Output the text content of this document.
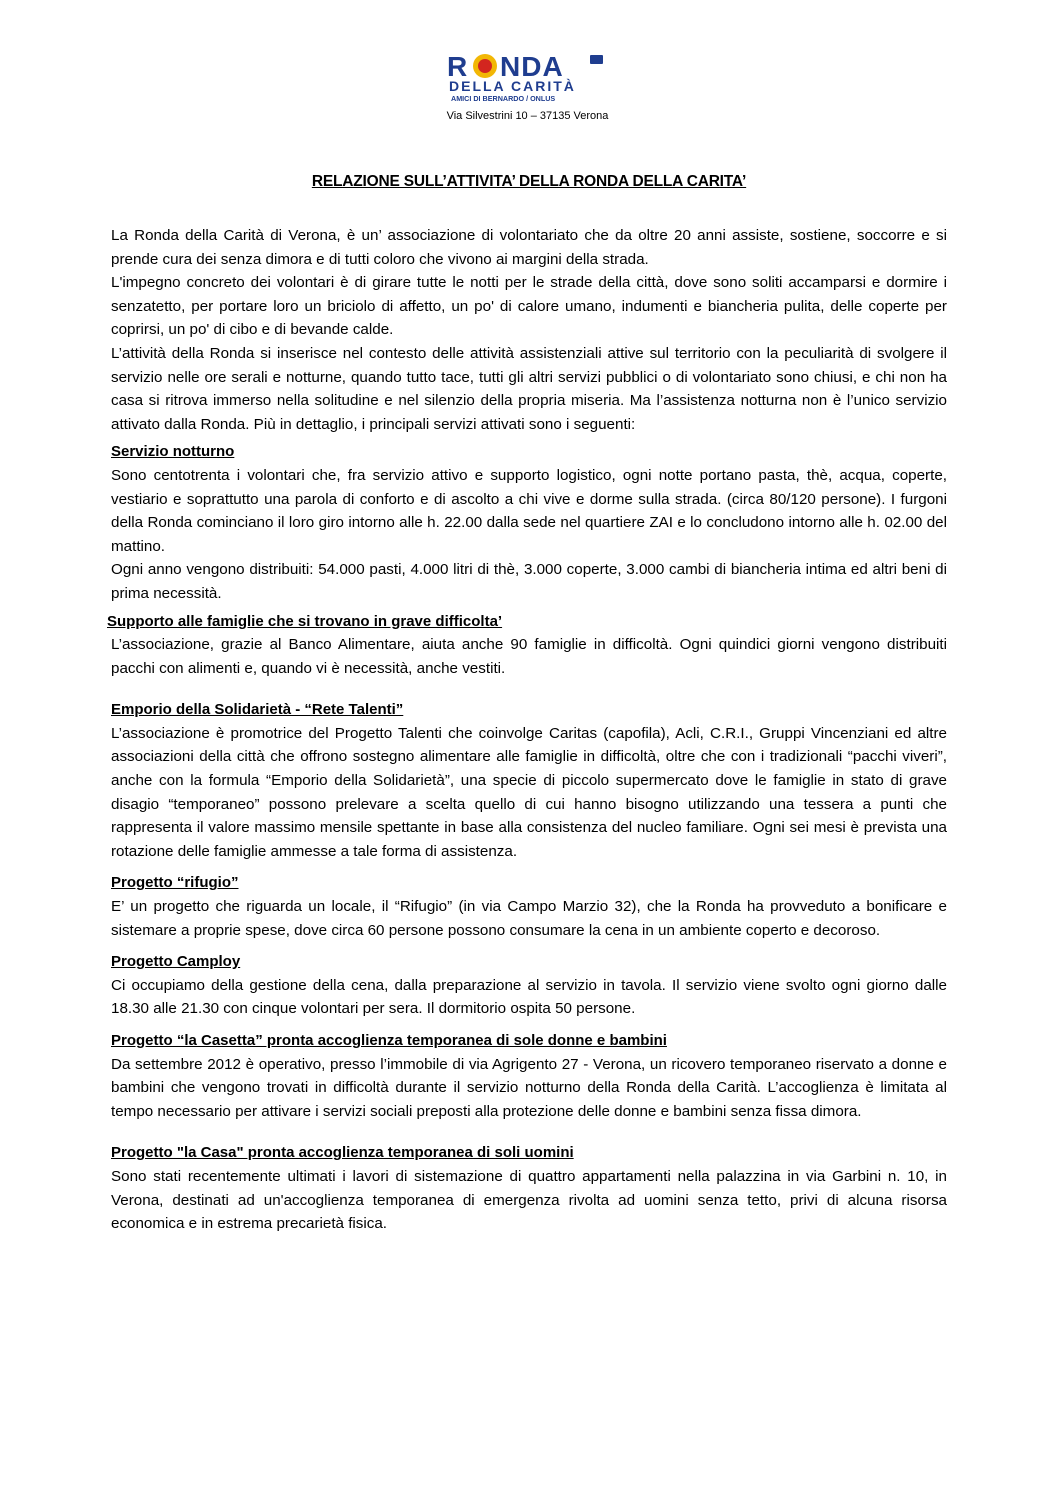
R NDA
DELLA CARITÀ
AMICI DI BERNARDO / ONLUS
Via Silvestrini 10 – 37135 Verona
RELAZIONE SULL’ATTIVITA’ DELLA RONDA DELLA CARITA’

La Ronda della Carità di Verona, è un’ associazione di volontariato che da oltre 20 anni assiste, sostiene, soccorre e si prende cura dei senza dimora e di tutti coloro che vivono ai margini della strada.

L'impegno concreto dei volontari è di girare tutte le notti per le strade della città, dove sono soliti accamparsi e dormire i senzatetto, per portare loro un briciolo di affetto, un po' di calore umano, indumenti e biancheria pulita, delle coperte per coprirsi, un po' di cibo e di bevande calde.

L’attività della Ronda si inserisce nel contesto delle attività assistenziali attive sul territorio con la peculiarità di svolgere il servizio nelle ore serali e notturne, quando tutto tace, tutti gli altri servizi pubblici o di volontariato sono chiusi, e chi non ha casa si ritrova immerso nella solitudine e nel silenzio della propria miseria. Ma l’assistenza notturna non è l’unico servizio attivato dalla Ronda. Più in dettaglio, i principali servizi attivati sono i seguenti:

Servizio notturno

Sono centotrenta i volontari che, fra servizio attivo e supporto logistico, ogni notte portano pasta, thè, acqua, coperte, vestiario e soprattutto una parola di conforto e di ascolto a chi vive e dorme sulla strada. (circa 80/120 persone). I furgoni della Ronda cominciano il loro giro intorno alle h. 22.00 dalla sede nel quartiere ZAI e lo concludono intorno alle h. 02.00 del mattino.

Ogni anno vengono distribuiti: 54.000 pasti, 4.000 litri di thè, 3.000 coperte, 3.000 cambi di biancheria intima ed altri beni di prima necessità.

Supporto alle famiglie che si trovano in grave difficolta’

L’associazione, grazie al Banco Alimentare, aiuta anche 90 famiglie in difficoltà. Ogni quindici giorni vengono distribuiti pacchi con alimenti e, quando vi è necessità, anche vestiti.

Emporio della Solidarietà - “Rete Talenti”

L’associazione è promotrice del Progetto Talenti che coinvolge Caritas (capofila), Acli, C.R.I., Gruppi Vincenziani ed altre associazioni della città che offrono sostegno alimentare alle famiglie in difficoltà, oltre che con i tradizionali “pacchi viveri”, anche con la formula “Emporio della Solidarietà”, una specie di piccolo supermercato dove le famiglie in stato di grave disagio “temporaneo” possono prelevare a scelta quello di cui hanno bisogno utilizzando una tessera a punti che rappresenta il valore massimo mensile spettante in base alla consistenza del nucleo familiare. Ogni sei mesi è prevista una rotazione delle famiglie ammesse a tale forma di assistenza.

Progetto “rifugio”

E’ un progetto che riguarda un locale, il “Rifugio” (in via Campo Marzio 32), che la Ronda ha provveduto a bonificare e sistemare a proprie spese, dove circa 60 persone possono consumare la cena in un ambiente coperto e decoroso.

Progetto Camploy

Ci occupiamo della gestione della cena, dalla preparazione al servizio in tavola. Il servizio viene svolto ogni giorno dalle 18.30 alle 21.30 con cinque volontari per sera. Il dormitorio ospita 50 persone.

Progetto “la Casetta” pronta accoglienza temporanea di sole donne e bambini

Da settembre 2012 è operativo, presso l’immobile di via Agrigento 27 - Verona, un ricovero temporaneo riservato a donne e bambini che vengono trovati in difficoltà durante il servizio notturno della Ronda della Carità. L’accoglienza è limitata al tempo necessario per attivare i servizi sociali preposti alla protezione delle donne e bambini senza fissa dimora.

Progetto "la Casa" pronta accoglienza temporanea di soli uomini

Sono stati recentemente ultimati i lavori di sistemazione di quattro appartamenti nella palazzina in via Garbini n. 10, in Verona, destinati ad un'accoglienza temporanea di emergenza rivolta ad uomini senza tetto, privi di alcuna risorsa economica e in estrema precarietà fisica.
